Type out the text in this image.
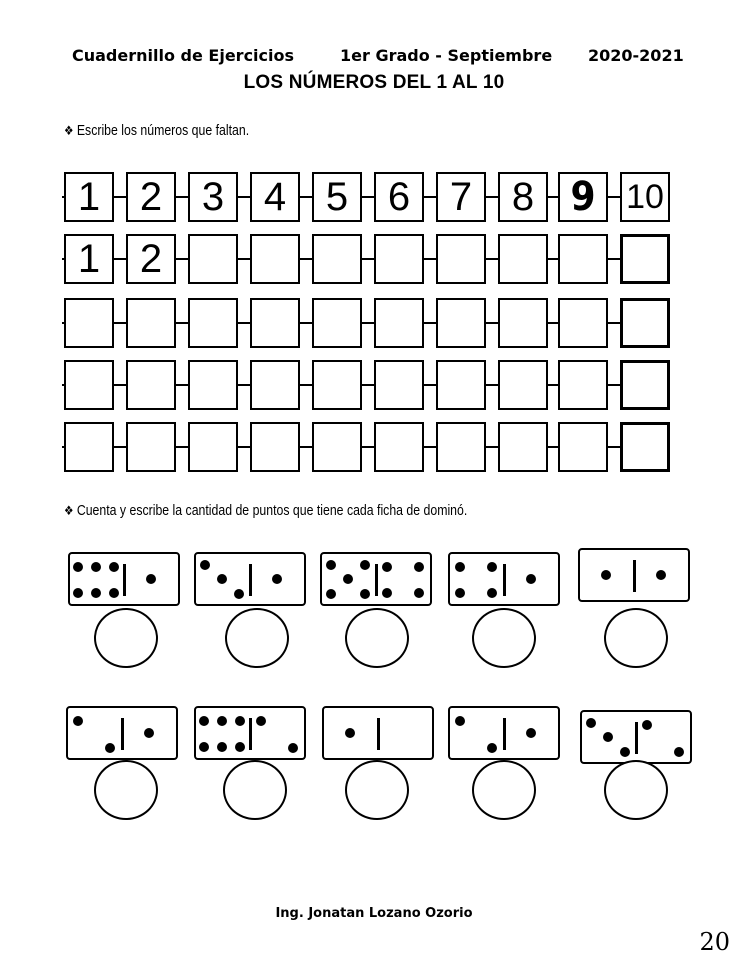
Cuadernillo de Ejercicios	1er Grado - Septiembre 2020-2021
LOS NÚMEROS DEL 1 AL 10
❖ Escribe los números que faltan.
1 2 3 4 5 6 7 8 9 10
1 2
❖ Cuenta y escribe la cantidad de puntos que tiene cada ficha de dominó.
Ing. Jonatan Lozano Ozorio
20
